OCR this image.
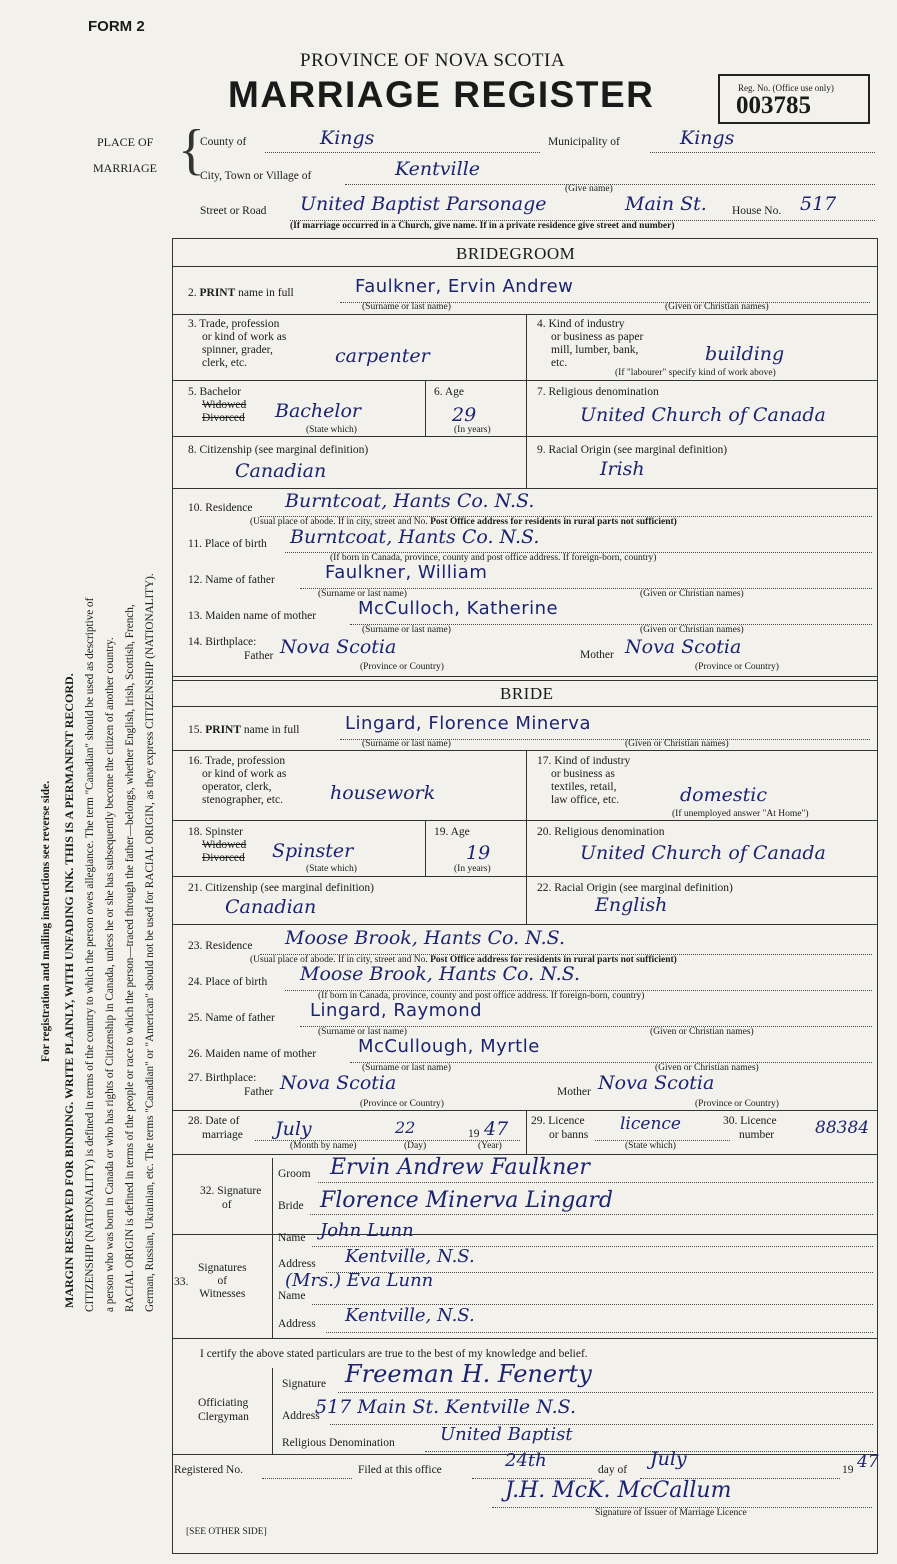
FORM 2
PROVINCE OF NOVA SCOTIA
MARRIAGE REGISTER	Reg. No. (Office use only)
003785
For registration and mailing instructions see reverse side. MARGIN RESERVED FOR BINDING. WRITE PLAINLY, WITH UNFADING INK. THIS IS A PERMANENT RECORD. CITIZENSHIP (NATIONALITY) is defined in terms of the country to which the person owes allegiance. The term "Canadian" should be used as descriptive of a person who was born in Canada or who has rights of Citizenship in Canada, unless he or she has subsequently become the citizen of another country. RACIAL ORIGIN is defined in terms of the people or race to which the person—traced through the father—belongs, whether English, Irish, Scottish, French, German, Russian, Ukrainian, etc. The terms "Canadian" or "American" should not be used for RACIAL ORIGIN, as they express CITIZENSHIP (NATIONALITY).
PLACE OF
MARRIAGE {
County of	Kings	Municipality of	Kings
City, Town or Village of	Kentville
(Give name)
Street or Road United Baptist Parsonage	Main St. House No. 517
(If marriage occurred in a Church, give name. If in a private residence give street and number)
BRIDEGROOM
2. PRINT name in full	Faulkner, Ervin Andrew
(Surname or last name)	(Given or Christian names)
3. Trade, profession
or kind of work as
spinner, grader,
clerk, etc.	carpenter
4. Kind of industry
or business as paper
mill, lumber, bank,
etc.	building
(If "labourer" specify kind of work above)
5. Bachelor
Widowed
Divorced Bachelor
(State which)
6. Age
29
(In years)
7. Religious denomination
United Church of Canada
8. Citizenship (see marginal definition)
Canadian
9. Racial Origin (see marginal definition)
Irish
10. Residence Burntcoat, Hants Co. N.S.
(Usual place of abode. If in city, street and No. Post Office address for residents in rural parts not sufficient)
11. Place of birth Burntcoat, Hants Co. N.S.
(If born in Canada, province, county and post office address. If foreign-born, country)
12. Name of father	Faulkner, William
(Surname or last name)	(Given or Christian names)
13. Maiden name of mother McCulloch, Katherine
(Surname or last name)	(Given or Christian names)
14. Birthplace:
Father Nova Scotia	Mother Nova Scotia
(Province or Country)	(Province or Country)
BRIDE
15. PRINT name in full	Lingard, Florence Minerva
(Surname or last name)	(Given or Christian names)
16. Trade, profession
or kind of work as
operator, clerk,
stenographer, etc. housework
17. Kind of industry
or business as
textiles, retail,
law office, etc.	domestic
(If unemployed answer "At Home")
18. Spinster
Widowed
Divorced Spinster
(State which)
19. Age
19
(In years)
20. Religious denomination
United Church of Canada
21. Citizenship (see marginal definition)
Canadian
22. Racial Origin (see marginal definition)
English
23. Residence Moose Brook, Hants Co. N.S.
(Usual place of abode. If in city, street and No. Post Office address for residents in rural parts not sufficient)
24. Place of birth Moose Brook, Hants Co. N.S.
(If born in Canada, province, county and post office address. If foreign-born, country)
25. Name of father Lingard, Raymond
(Surname or last name)	(Given or Christian names)
26. Maiden name of mother McCullough, Myrtle
(Surname or last name)	(Given or Christian names)
27. Birthplace:
Father Nova Scotia	Mother Nova Scotia
(Province or Country)	(Province or Country)
28. Date of
marriage July	22	19 47
(Month by name)	(Day)	(Year)
29. Licence
or banns
licence
(State which)
30. Licence
number 88384
32. Signature
of
Groom Ervin Andrew Faulkner
Bride Florence Minerva Lingard
Signatures
of
Witnesses
33.
Name John Lunn
Address Kentville, N.S.
Name
(Mrs.) Eva Lunn
Address Kentville, N.S.
I certify the above stated particulars are true to the best of my knowledge and belief.
Signature Freeman H. Fenerty
Officiating
Clergyman	Address
517 Main St. Kentville N.S.
Religious Denomination	United Baptist
Registered No.	Filed at this office	24th	day of July	19 47
J.H. McK. McCallum
Signature of Issuer of Marriage Licence
[SEE OTHER SIDE]
